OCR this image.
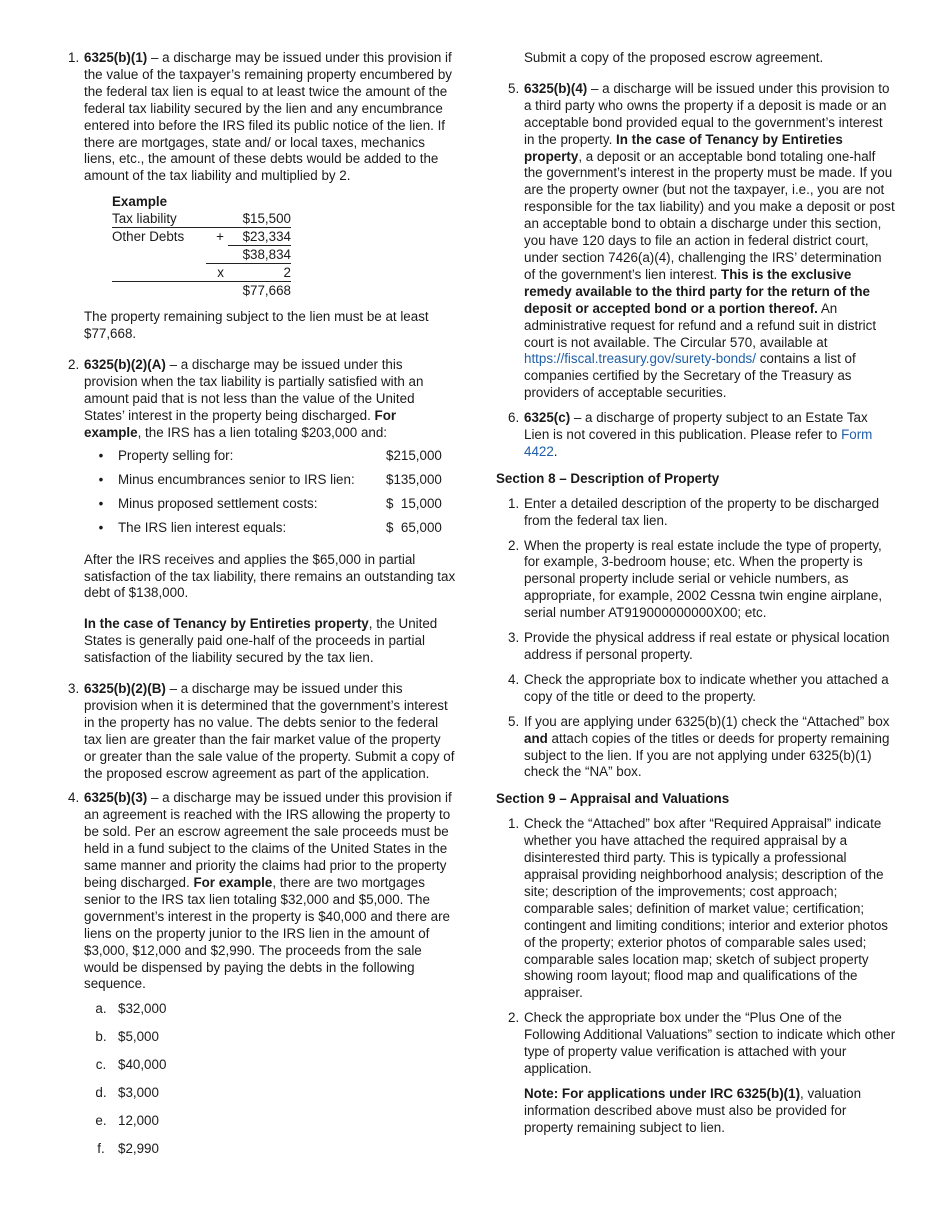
1. 6325(b)(1) – a discharge may be issued under this provision if the value of the taxpayer’s remaining property encumbered by the federal tax lien is equal to at least twice the amount of the federal tax liability secured by the lien and any encumbrance entered into before the IRS filed its public notice of the lien. If there are mortgages, state and/ or local taxes, mechanics liens, etc., the amount of these debts would be added to the amount of the tax liability and multiplied by 2.

Example		
Tax liability		$15,500
Other Debts	+	$23,334
		$38,834
	x	2
		$77,668

The property remaining subject to the lien must be at least $77,668.

2. 6325(b)(2)(A) – a discharge may be issued under this provision when the tax liability is partially satisfied with an amount paid that is not less than the value of the United States’ interest in the property being discharged. For example, the IRS has a lien totaling $203,000 and:

•	Property selling for:	$215,000
•	Minus encumbrances senior to IRS lien:	$135,000
•	Minus proposed settlement costs:	$  15,000
•	The IRS lien interest equals:	$  65,000

After the IRS receives and applies the $65,000 in partial satisfaction of the tax liability, there remains an outstanding tax debt of $138,000.

In the case of Tenancy by Entireties property, the United States is generally paid one-half of the proceeds in partial satisfaction of the liability secured by the tax lien.

3. 6325(b)(2)(B) – a discharge may be issued under this provision when it is determined that the government’s interest in the property has no value. The debts senior to the federal tax lien are greater than the fair market value of the property or greater than the sale value of the property. Submit a copy of the proposed escrow agreement as part of the application.

4. 6325(b)(3) – a discharge may be issued under this provision if an agreement is reached with the IRS allowing the property to be sold. Per an escrow agreement the sale proceeds must be held in a fund subject to the claims of the United States in the same manner and priority the claims had prior to the property being discharged. For example, there are two mortgages senior to the IRS tax lien totaling $32,000 and $5,000. The government’s interest in the property is $40,000 and there are liens on the property junior to the IRS lien in the amount of $3,000, $12,000 and $2,990. The proceeds from the sale would be dispensed by paying the debts in the following sequence.

a. $32,000
b. $5,000
c. $40,000
d. $3,000
e. 12,000
f. $2,990

Submit a copy of the proposed escrow agreement.

5. 6325(b)(4) – a discharge will be issued under this provision to a third party who owns the property if a deposit is made or an acceptable bond provided equal to the government’s interest in the property. In the case of Tenancy by Entireties property, a deposit or an acceptable bond totaling one-half the government’s interest in the property must be made. If you are the property owner (but not the taxpayer, i.e., you are not responsible for the tax liability) and you make a deposit or post an acceptable bond to obtain a discharge under this section, you have 120 days to file an action in federal district court, under section 7426(a)(4), challenging the IRS’ determination of the government’s lien interest. This is the exclusive remedy available to the third party for the return of the deposit or accepted bond or a portion thereof. An administrative request for refund and a refund suit in district court is not available. The Circular 570, available at https://fiscal.treasury.gov/surety-bonds/ contains a list of companies certified by the Secretary of the Treasury as providers of acceptable securities.

6. 6325(c) – a discharge of property subject to an Estate Tax Lien is not covered in this publication. Please refer to Form 4422.

Section 8 – Description of Property
1. Enter a detailed description of the property to be discharged from the federal tax lien.

2. When the property is real estate include the type of property, for example, 3-bedroom house; etc. When the property is personal property include serial or vehicle numbers, as appropriate, for example, 2002 Cessna twin engine airplane, serial number AT919000000000X00; etc.

3. Provide the physical address if real estate or physical location address if personal property.

4. Check the appropriate box to indicate whether you attached a copy of the title or deed to the property.

5. If you are applying under 6325(b)(1) check the “Attached” box and attach copies of the titles or deeds for property remaining subject to the lien. If you are not applying under 6325(b)(1) check the “NA” box.

Section 9 – Appraisal and Valuations
1. Check the “Attached” box after “Required Appraisal” indicate whether you have attached the required appraisal by a disinterested third party. This is typically a professional appraisal providing neighborhood analysis; description of the site; description of the improvements; cost approach; comparable sales; definition of market value; certification; contingent and limiting conditions; interior and exterior photos of the property; exterior photos of comparable sales used; comparable sales location map; sketch of subject property showing room layout; flood map and qualifications of the appraiser.

2. Check the appropriate box under the “Plus One of the Following Additional Valuations” section to indicate which other type of property value verification is attached with your application.

Note: For applications under IRC 6325(b)(1), valuation information described above must also be provided for property remaining subject to lien.
